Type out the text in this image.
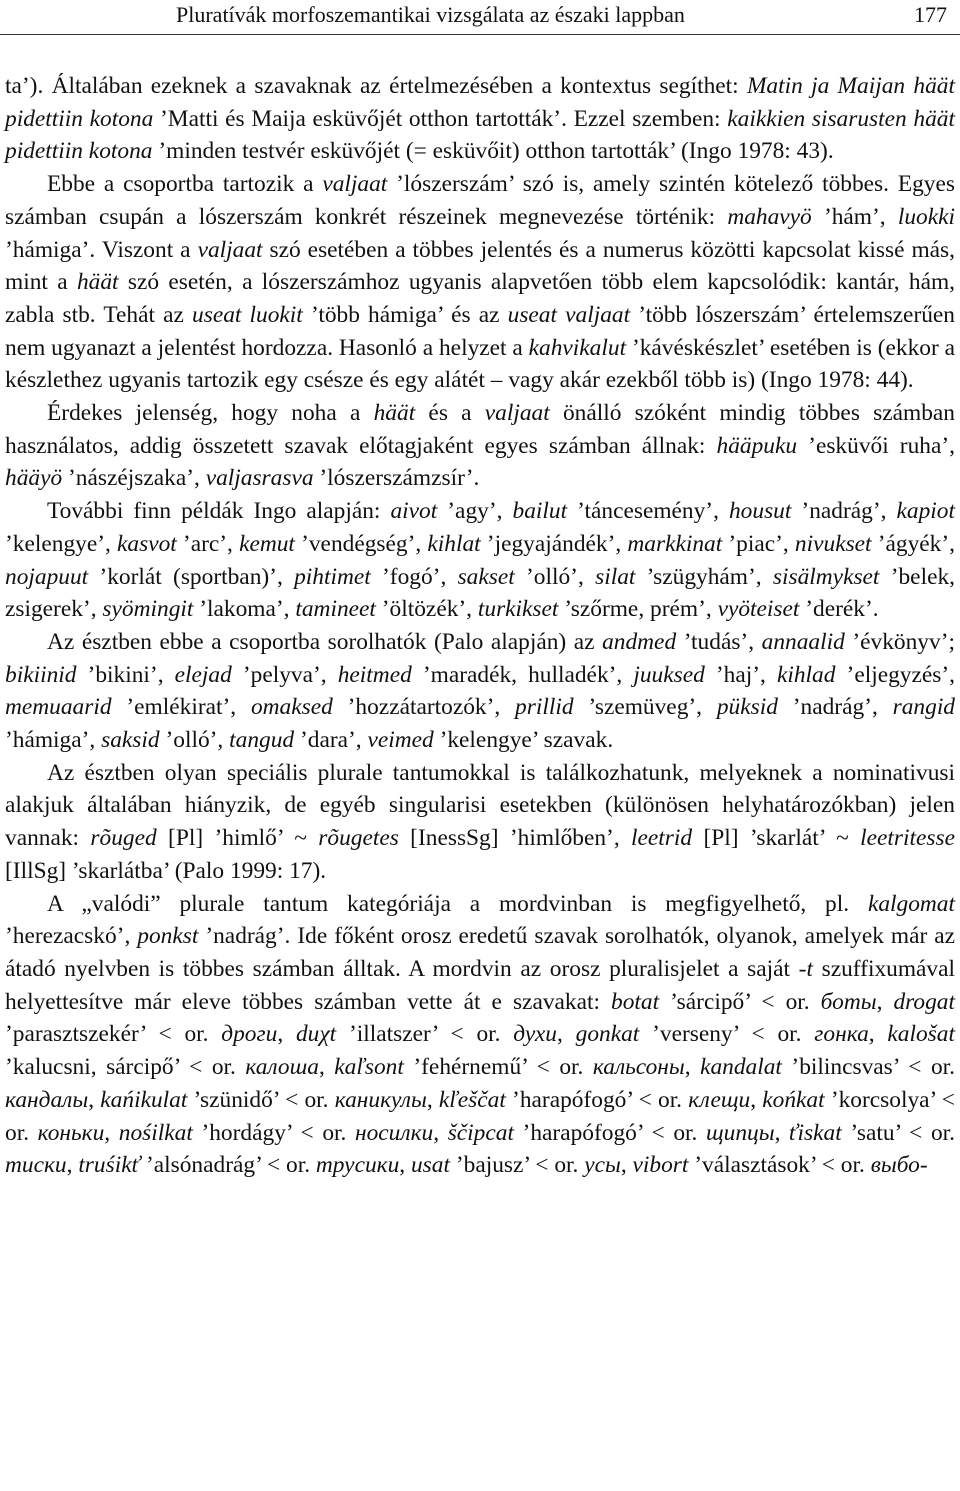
Pluratívák morfoszemantikai vizsgálata az északi lappban	177

ta’). Általában ezeknek a szavaknak az értelmezésében a kontextus segíthet: Matin ja Maijan häät pidettiin kotona ’Matti és Maija esküvőjét otthon tartották’. Ezzel szemben: kaikkien sisarusten häät pidettiin kotona ’minden testvér esküvőjét (= esküvőit) otthon tartották’ (Ingo 1978: 43).

Ebbe a csoportba tartozik a valjaat ’lószerszám’ szó is, amely szintén kötelező többes. Egyes számban csupán a lószerszám konkrét részeinek megnevezése történik: mahavyö ’hám’, luokki ’hámiga’. Viszont a valjaat szó esetében a többes jelentés és a numerus közötti kapcsolat kissé más, mint a häät szó esetén, a lószerszámhoz ugyanis alapvetően több elem kapcsolódik: kantár, hám, zabla stb. Tehát az useat luokit ’több hámiga’ és az useat valjaat ’több lószerszám’ értelemszerűen nem ugyanazt a jelentést hordozza. Hasonló a helyzet a kahvikalut ’kávéskészlet’ esetében is (ekkor a készlethez ugyanis tartozik egy csésze és egy alátét – vagy akár ezekből több is) (Ingo 1978: 44).

Érdekes jelenség, hogy noha a häät és a valjaat önálló szóként mindig többes számban használatos, addig összetett szavak előtagjaként egyes számban állnak: hääpuku ’esküvői ruha’, hääyö ’nászéjszaka’, valjasrasva ’lószerszámzsír’.

További finn példák Ingo alapján: aivot ’agy’, bailut ’táncesemény’, housut ’nadrág’, kapiot ’kelengye’, kasvot ’arc’, kemut ’vendégség’, kihlat ’jegyajándék’, markkinat ’piac’, nivukset ’ágyék’, nojapuut ’korlát (sportban)’, pihtimet ’fogó’, sakset ’olló’, silat ’szügyhám’, sisälmykset ’belek, zsigerek’, syömingit ’lakoma’, tamineet ’öltözék’, turkikset ’szőrme, prém’, vyöteiset ’derék’.

Az észtben ebbe a csoportba sorolhatók (Palo alapján) az andmed ’tudás’, annaalid ’évkönyv’; bikiinid ’bikini’, elejad ’pelyva’, heitmed ’maradék, hulladék’, juuksed ’haj’, kihlad ’eljegyzés’, memuaarid ’emlékirat’, omaksed ’hozzátartozók’, prillid ’szemüveg’, püksid ’nadrág’, rangid ’hámiga’, saksid ’olló’, tangud ’dara’, veimed ’kelengye’ szavak.

Az észtben olyan speciális plurale tantumokkal is találkozhatunk, melyeknek a nominativusi alakjuk általában hiányzik, de egyéb singularisi esetekben (különösen helyhatározókban) jelen vannak: rõuged [Pl] ’himlő’ ~ rõugetes [InessSg] ’himlőben’, leetrid [Pl] ’skarlát’ ~ leetritesse [IllSg] ’skarlátba’ (Palo 1999: 17).

A „valódi” plurale tantum kategóriája a mordvinban is megfigyelhető, pl. kalgomat ’herezacskó’, ponkst ’nadrág’. Ide főként orosz eredetű szavak sorolhatók, olyanok, amelyek már az átadó nyelvben is többes számban álltak. A mordvin az orosz pluralisjelet a saját -t szuffixumával helyettesítve már eleve többes számban vette át e szavakat: botat ’sárcipő’ < or. боты, drogat ’parasztszekér’ < or. дроги, duχt ’illatszer’ < or. духи, gonkat ’verseny’ < or. гонка, kalošat ’kalucsni, sárcipő’ < or. калоша, kaľsont ’fehérnemű’ < or. кальсоны, kandalat ’bilincsvas’ < or. кандалы, kańikulat ’szünidő’ < or. каникулы, kľeščat ’harapófogó’ < or. клещи, końkat ’korcsolya’ < or. коньки, nośilkat ’hordágy’ < or. носилки, ščipcat ’harapófogó’ < or. щипцы, ťiskat ’satu’ < or. тиски, truśikť ’alsónadrág’ < or. трусики, usat ’bajusz’ < or. усы, vibort ’választások’ < or. выбо-
